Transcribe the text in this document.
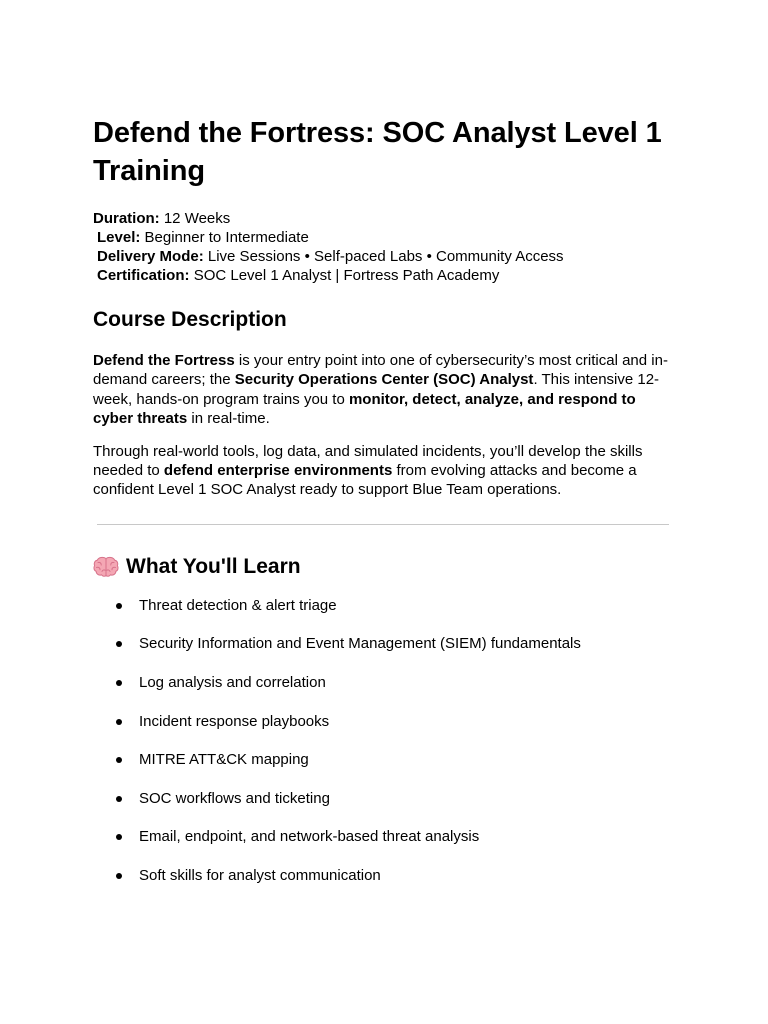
Defend the Fortress: SOC Analyst Level 1 Training
Duration: 12 Weeks
Level: Beginner to Intermediate
Delivery Mode: Live Sessions • Self-paced Labs • Community Access
Certification: SOC Level 1 Analyst | Fortress Path Academy
Course Description

Defend the Fortress is your entry point into one of cybersecurity’s most critical and in-demand careers; the Security Operations Center (SOC) Analyst. This intensive 12-week, hands-on program trains you to monitor, detect, analyze, and respond to cyber threats in real-time.

Through real-world tools, log data, and simulated incidents, you’ll develop the skills needed to defend enterprise environments from evolving attacks and become a confident Level 1 SOC Analyst ready to support Blue Team operations.

What You'll Learn
Threat detection & alert triage
Security Information and Event Management (SIEM) fundamentals
Log analysis and correlation
Incident response playbooks
MITRE ATT&CK mapping
SOC workflows and ticketing
Email, endpoint, and network-based threat analysis
Soft skills for analyst communication
